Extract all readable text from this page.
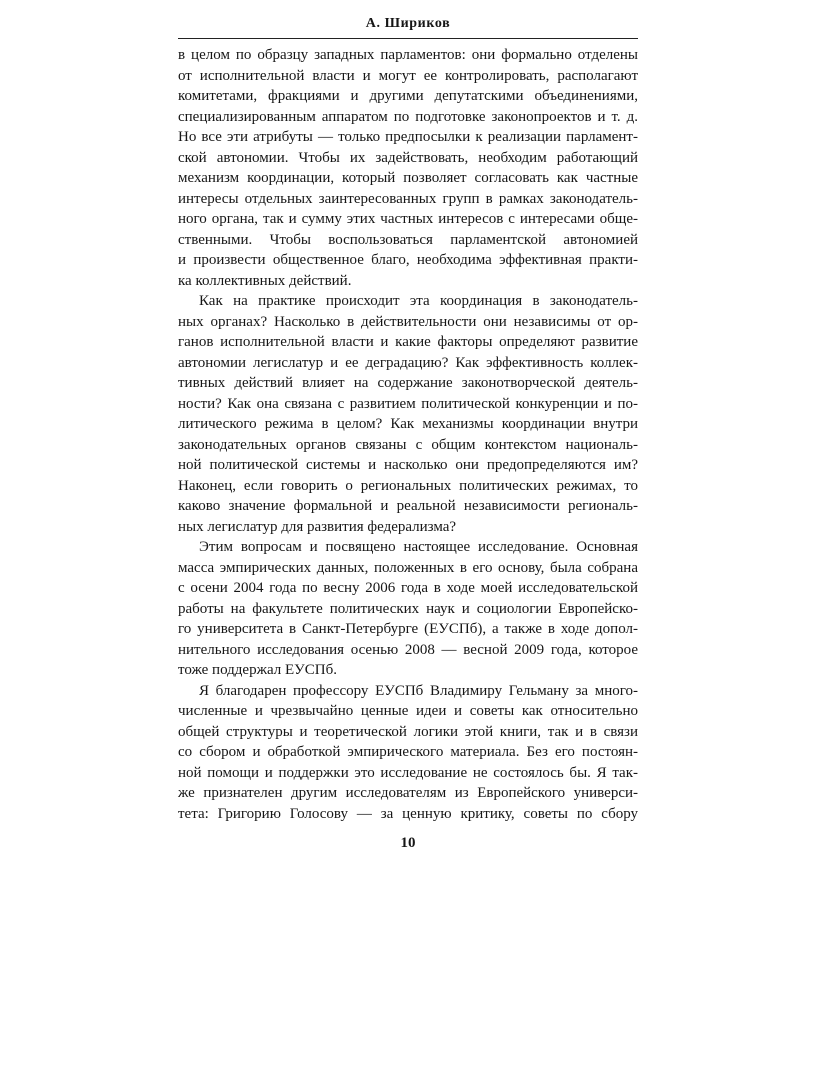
А. Шириков
в целом по образцу западных парламентов: они формально отделены
от исполнительной власти и могут ее контролировать, располагают
комитетами, фракциями и другими депутатскими объединениями,
специализированным аппаратом по подготовке законопроектов и т. д.
Но все эти атрибуты — только предпосылки к реализации парламент-
ской автономии. Чтобы их задействовать, необходим работающий
механизм координации, который позволяет согласовать как частные
интересы отдельных заинтересованных групп в рамках законодатель-
ного органа, так и сумму этих частных интересов с интересами обще-
ственными. Чтобы воспользоваться парламентской автономией
и произвести общественное благо, необходима эффективная практи-
ка коллективных действий.
Как на практике происходит эта координация в законодатель-
ных органах? Насколько в действительности они независимы от ор-
ганов исполнительной власти и какие факторы определяют развитие
автономии легислатур и ее деградацию? Как эффективность коллек-
тивных действий влияет на содержание законотворческой деятель-
ности? Как она связана с развитием политической конкуренции и по-
литического режима в целом? Как механизмы координации внутри
законодательных органов связаны с общим контекстом националь-
ной политической системы и насколько они предопределяются им?
Наконец, если говорить о региональных политических режимах, то
каково значение формальной и реальной независимости региональ-
ных легислатур для развития федерализма?
Этим вопросам и посвящено настоящее исследование. Основная
масса эмпирических данных, положенных в его основу, была собрана
с осени 2004 года по весну 2006 года в ходе моей исследовательской
работы на факультете политических наук и социологии Европейско-
го университета в Санкт-Петербурге (ЕУСПб), а также в ходе допол-
нительного исследования осенью 2008 — весной 2009 года, которое
тоже поддержал ЕУСПб.
Я благодарен профессору ЕУСПб Владимиру Гельману за много-
численные и чрезвычайно ценные идеи и советы как относительно
общей структуры и теоретической логики этой книги, так и в связи
со сбором и обработкой эмпирического материала. Без его постоян-
ной помощи и поддержки это исследование не состоялось бы. Я так-
же признателен другим исследователям из Европейского универси-
тета: Григорию Голосову — за ценную критику, советы по сбору
10
